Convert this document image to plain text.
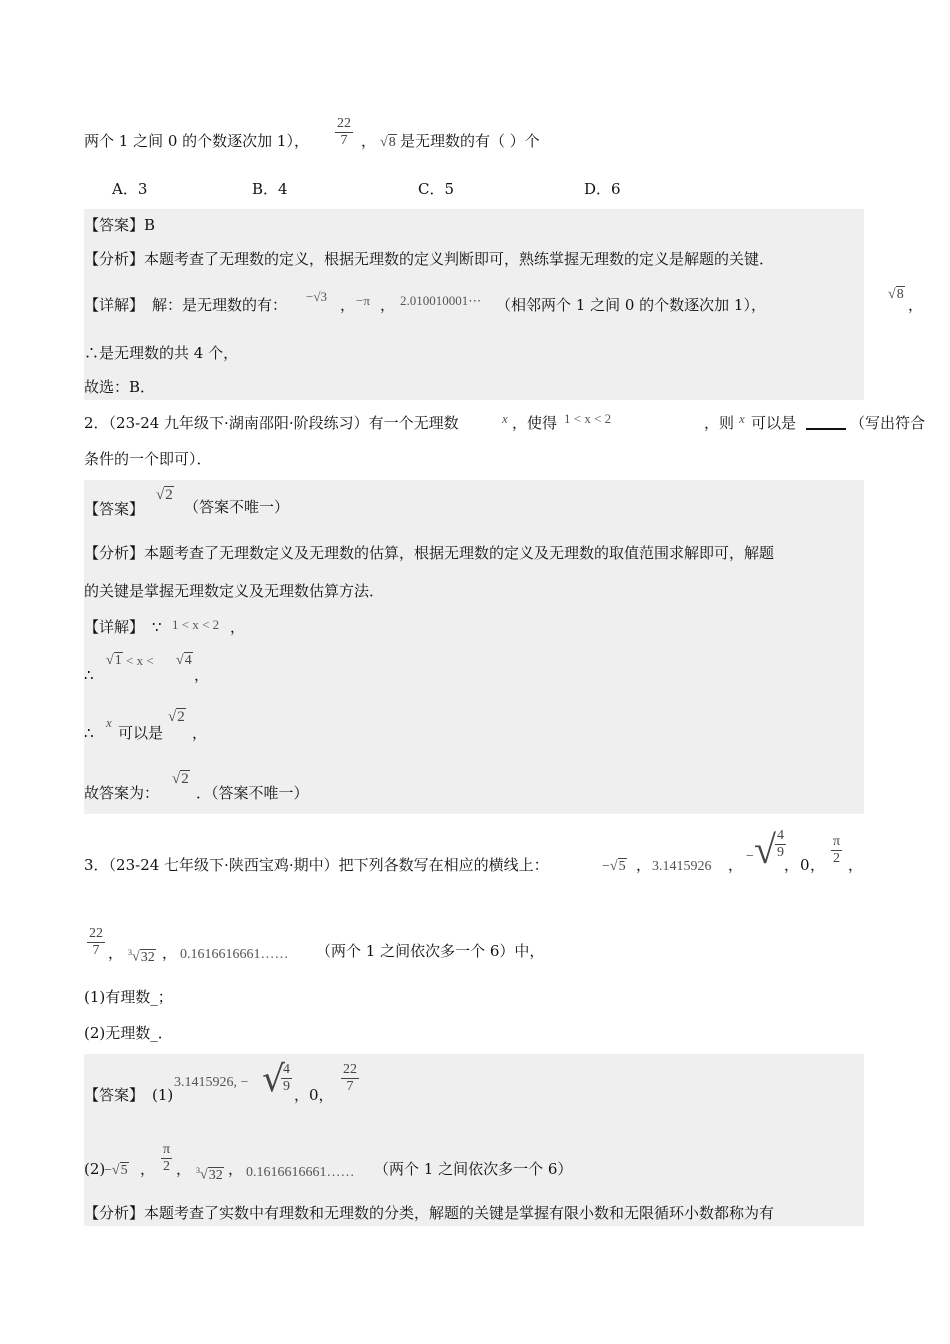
两个 1 之间 0 的个数逐次加 1）， $\frac{22}{7}$ ， √8 是无理数的有（ ）个
A．3	B．4	C．5	D．6
【答案】B
【分析】本题考查了无理数的定义，根据无理数的定义判断即可，熟练掌握无理数的定义是解题的关键．
【详解】 解：是无理数的有： −√3 ， −π ， 2.010010001⋯ （相邻两个 1 之间 0 的个数逐次加 1），
√8
，
∴是无理数的共 4 个，
故选：B．
2．（23-24 九年级下·湖南邵阳·阶段练习）有一个无理数	x ，使得 1 < x < 2	，则 x 可以是	（写出符合
条件的一个即可）．
【答案】
√2
（答案不唯一）
【分析】本题考查了无理数定义及无理数的估算，根据无理数的定义及无理数的取值范围求解即可，解题
的关键是掌握无理数定义及无理数估算方法．
【详解】 ∵ 1 < x < 2 ，
∴
√1 < x < √4
，
∴
x
可以是
√2
，
故答案为：
√2
．（答案不唯一）
3．（23-24 七年级下·陕西宝鸡·期中）把下列各数写在相应的横线上：	−√5 ， 3.1415926 ， − √ $\frac{4}{9}$
， 0 ， $\frac{\pi}{2}$ ，
$\frac{22}{7}$ ， $^3$√32 ， 0.1616616661…… （两个 1 之间依次多一个 6）中，
(1)有理数_；
(2)无理数_．
【答案】 (1)
3.1415926, − √
$\frac{4}{9}$ ，0， $\frac{22}{7}$
(2)
−√5 ， $\frac{\pi}{2}$ ， $^3$√32 ， 0.1616616661…… （两个 1 之间依次多一个 6）
【分析】本题考查了实数中有理数和无理数的分类，解题的关键是掌握有限小数和无限循环小数都称为有
